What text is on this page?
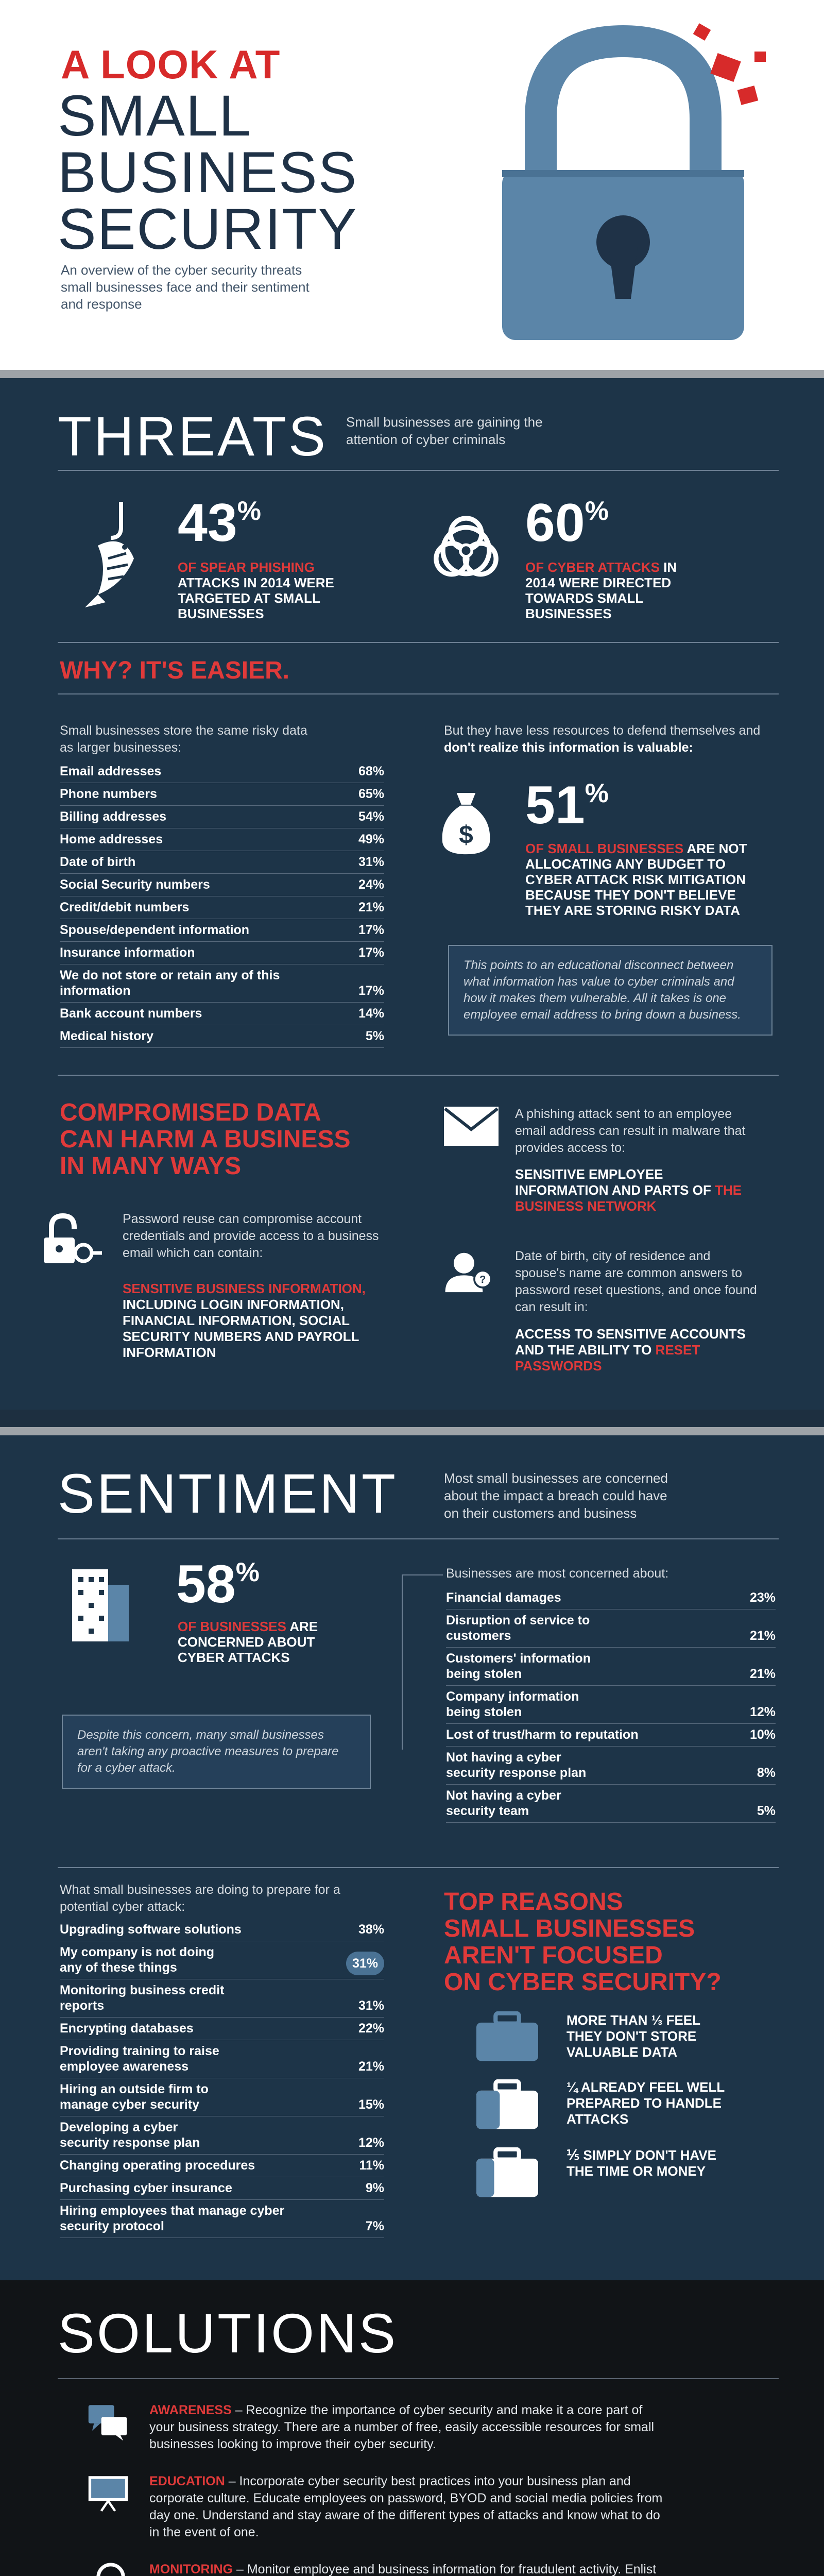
A LOOK AT
SMALL
BUSINESS
SECURITY
An overview of the cyber security threats small businesses face and their sentiment and response
THREATS Small businesses are gaining the attention of cyber criminals
43%
OF SPEAR PHISHING ATTACKS IN 2014 WERE TARGETED AT SMALL BUSINESSES
60%
OF CYBER ATTACKS IN 2014 WERE DIRECTED TOWARDS SMALL BUSINESSES
WHY? IT'S EASIER.
Small businesses store the same risky data as larger businesses:
Email addresses	68%
Phone numbers	65%
Billing addresses	54%
Home addresses	49%
Date of birth	31%
Social Security numbers	24%
Credit/debit numbers	21%
Spouse/dependent information	17%
Insurance information	17%
We do not store or retain any of this information	17%
Bank account numbers	14%
Medical history	5%
But they have less resources to defend themselves and don't realize this information is valuable:
$ 51%
OF SMALL BUSINESSES ARE NOT ALLOCATING ANY BUDGET TO CYBER ATTACK RISK MITIGATION BECAUSE THEY DON'T BELIEVE THEY ARE STORING RISKY DATA
This points to an educational disconnect between what information has value to cyber criminals and how it makes them vulnerable. All it takes is one employee email address to bring down a business.
COMPROMISED DATA
CAN HARM A BUSINESS
IN MANY WAYS
Password reuse can compromise account credentials and provide access to a business email which can contain:
SENSITIVE BUSINESS INFORMATION, INCLUDING LOGIN INFORMATION, FINANCIAL INFORMATION, SOCIAL SECURITY NUMBERS AND PAYROLL INFORMATION
A phishing attack sent to an employee email address can result in malware that provides access to:
SENSITIVE EMPLOYEE INFORMATION AND PARTS OF THE BUSINESS NETWORK
?
Date of birth, city of residence and spouse's name are common answers to password reset questions, and once found can result in:
ACCESS TO SENSITIVE ACCOUNTS AND THE ABILITY TO RESET PASSWORDS
SENTIMENT	Most small businesses are concerned about the impact a breach could have on their customers and business
58%
OF BUSINESSES ARE CONCERNED ABOUT CYBER ATTACKS
Despite this concern, many small businesses aren't taking any proactive measures to prepare for a cyber attack.
Businesses are most concerned about:
Financial damages	23%
Disruption of service to customers	21%
Customers' information being stolen	21%
Company information being stolen	12%
Lost of trust/harm to reputation	10%
Not having a cyber security response plan	8%
Not having a cyber security team	5%
What small businesses are doing to prepare for a potential cyber attack:
Upgrading software solutions	38%
My company is not doing any of these things	31%
Monitoring business credit reports	31%
Encrypting databases	22%
Providing training to raise employee awareness	21%
Hiring an outside firm to manage cyber security	15%
Developing a cyber security response plan	12%
Changing operating procedures	11%
Purchasing cyber insurance	9%
Hiring employees that manage cyber security protocol	7%
TOP REASONS
SMALL BUSINESSES
AREN'T FOCUSED
ON CYBER SECURITY?
MORE THAN ⅓ FEEL THEY DON'T STORE VALUABLE DATA
¼ ALREADY FEEL WELL PREPARED TO HANDLE ATTACKS
⅕ SIMPLY DON'T HAVE THE TIME OR MONEY
SOLUTIONS
AWARENESS – Recognize the importance of cyber security and make it a core part of your business strategy. There are a number of free, easily accessible resources for small businesses looking to improve their cyber security.
EDUCATION – Incorporate cyber security best practices into your business plan and corporate culture. Educate employees on password, BYOD and social media policies from day one. Understand and stay aware of the different types of attacks and know what to do in the event of one.
MONITORING – Monitor employee and business information for fraudulent activity. Enlist
